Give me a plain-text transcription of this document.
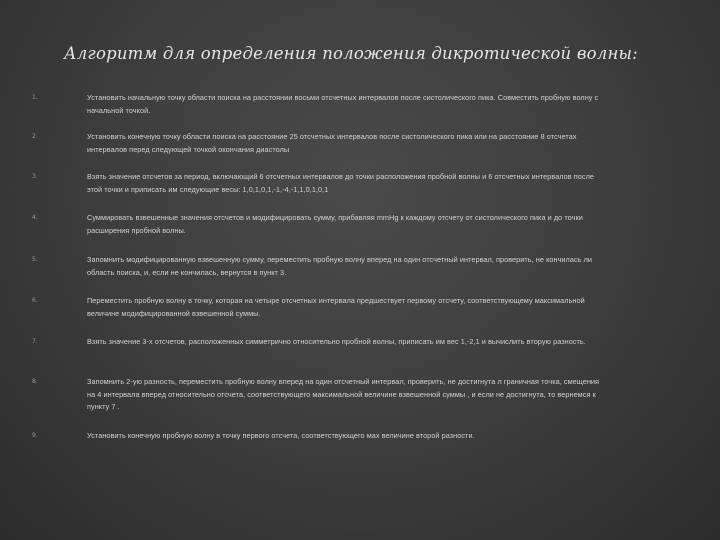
Алгоритм для определения положения дикротической волны:
1.	Установить начальную точку области поиска на расстоянии восьми отсчетных интервалов после систолического пика. Совместить пробную волну с начальной точкой.
2.	Установить конечную точку области поиска на расстояние 25 отсчетных интервалов после систолического пика или на расстояние 8 отсчетах интервалов перед следующей точкой окончания диастолы
3.	Взять значение отсчетов за период, включающий 6 отсчетных интервалов до точки расположения пробной волны и 6 отсчетных интервалов после этой точки и приписать им следующие весы: 1,0,1,0,1,-1,-4,-1,1,0,1,0,1
4.	Суммировать взвешенные значения отсчетов и модифицировать сумму, прибавляя mmHg к каждому отсчету от систолического пика и до точки расширения пробной волны.
5.	Запомнить модифицированную взвешенную сумму, переместить пробную волну вперед на один отсчетный интервал, проверить, не кончилась ли область поиска, и, если не кончилась, вернутся в пункт 3.
6.	Переместить пробную волну в точку, которая на четыре отсчетных интервала предшествует первому отсчету, соответствующему максимальной величине модифицированной взвешенной суммы.
7.	Взять значение 3-х отсчетов, расположенных симметрично относительно пробной волны, приписать им вес 1,-2,1 и вычислить вторую разность.
8.	Запомнить 2-ую разность, переместить пробную волну вперед на один отсчетный интервал, проверить, не достигнута л граничная точка, смещения на 4 интервала вперед относительно отсчета, соответствующего максимальной величине взвешенной суммы , и если не достигнута, то вернемся к пункту 7 .
9.	Установить конечную пробную волну в точку первого отсчета, соответствующего мах величине второй разности.
